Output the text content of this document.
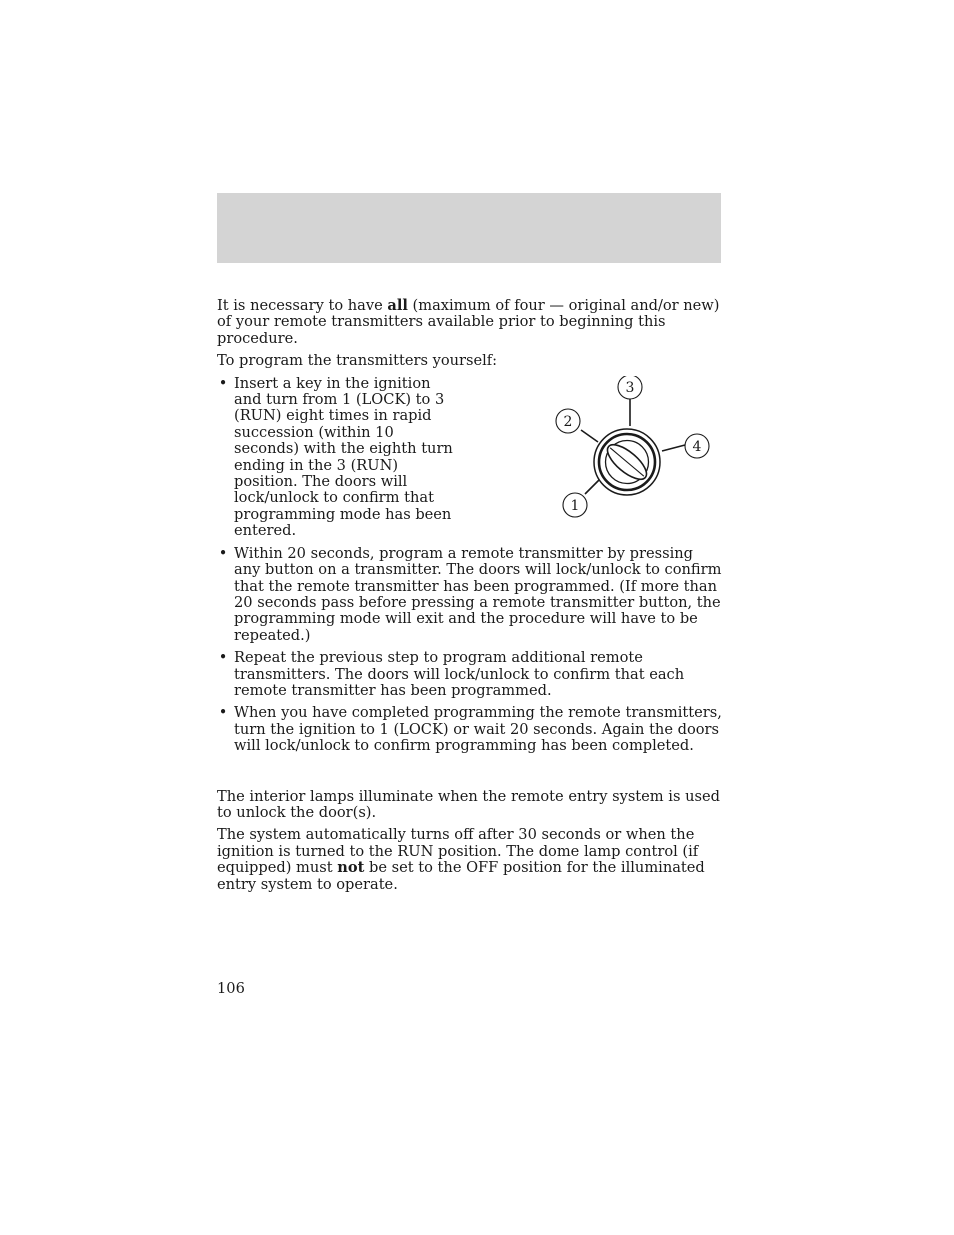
It is necessary to have all (maximum of four — original and/or new) of your remote transmitters available prior to beginning this procedure.

To program the transmitters yourself:

3
2
4
1
• Insert a key in the ignition and turn from 1 (LOCK) to 3 (RUN) eight times in rapid succession (within 10 seconds) with the eighth turn ending in the 3 (RUN) position. The doors will lock/unlock to confirm that programming mode has been entered.
• Within 20 seconds, program a remote transmitter by pressing any button on a transmitter. The doors will lock/unlock to confirm that the remote transmitter has been programmed. (If more than 20 seconds pass before pressing a remote transmitter button, the programming mode will exit and the procedure will have to be repeated.)
• Repeat the previous step to program additional remote transmitters. The doors will lock/unlock to confirm that each remote transmitter has been programmed.
• When you have completed programming the remote transmitters, turn the ignition to 1 (LOCK) or wait 20 seconds. Again the doors will lock/unlock to confirm programming has been completed.

The interior lamps illuminate when the remote entry system is used to unlock the door(s).

The system automatically turns off after 30 seconds or when the ignition is turned to the RUN position. The dome lamp control (if equipped) must not be set to the OFF position for the illuminated entry system to operate.

106
